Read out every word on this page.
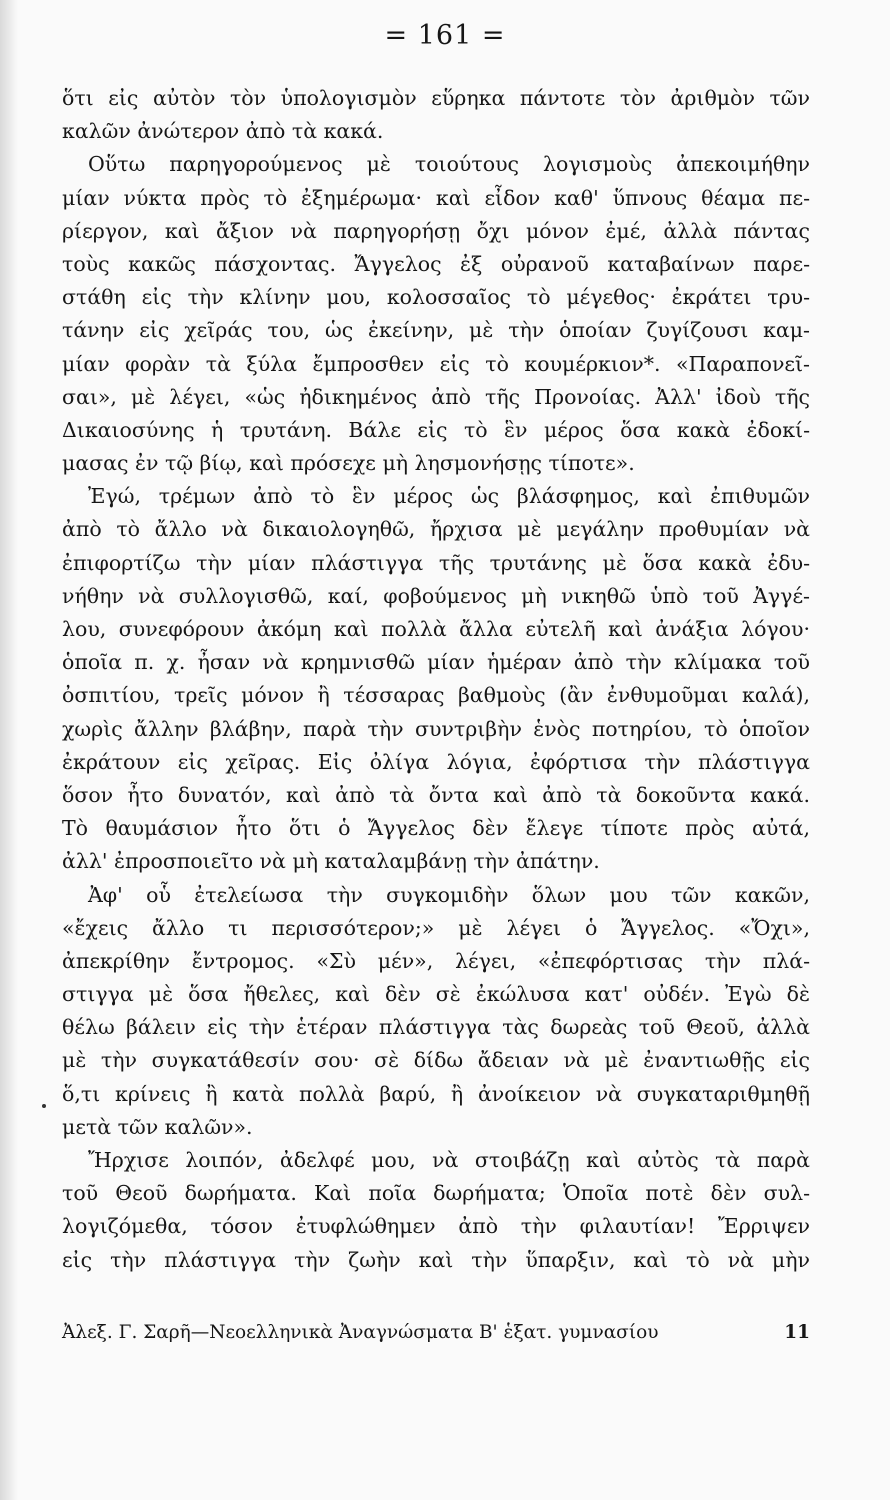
= 161 =
ὅτι εἰς αὐτὸν τὸν ὑπολογισμὸν εὕρηκα πάντοτε τὸν ἀριθμὸν τῶν
καλῶν ἀνώτερον ἀπὸ τὰ κακά.
Οὕτω παρηγορούμενος μὲ τοιούτους λογισμοὺς ἀπεκοιμήθην
μίαν νύκτα πρὸς τὸ ἐξημέρωμα· καὶ εἶδον καθ' ὕπνους θέαμα πε-
ρίεργον, καὶ ἄξιον νὰ παρηγορήσῃ ὄχι μόνον ἐμέ, ἀλλὰ πάντας
τοὺς κακῶς πάσχοντας. Ἄγγελος ἐξ οὐρανοῦ καταβαίνων παρε-
στάθη εἰς τὴν κλίνην μου, κολοσσαῖος τὸ μέγεθος· ἐκράτει τρυ-
τάνην εἰς χεῖράς του, ὡς ἐκείνην, μὲ τὴν ὁποίαν ζυγίζουσι καμ-
μίαν φορὰν τὰ ξύλα ἔμπροσθεν εἰς τὸ κουμέρκιον*. «Παραπονεῖ-
σαι», μὲ λέγει, «ὡς ἠδικημένος ἀπὸ τῆς Προνοίας. Ἀλλ' ἰδοὺ τῆς
Δικαιοσύνης ἡ τρυτάνη. Βάλε εἰς τὸ ἓν μέρος ὅσα κακὰ ἐδοκί-
μασας ἐν τῷ βίῳ, καὶ πρόσεχε μὴ λησμονήσῃς τίποτε».
Ἐγώ, τρέμων ἀπὸ τὸ ἓν μέρος ὡς βλάσφημος, καὶ ἐπιθυμῶν
ἀπὸ τὸ ἄλλο νὰ δικαιολογηθῶ, ἤρχισα μὲ μεγάλην προθυμίαν νὰ
ἐπιφορτίζω τὴν μίαν πλάστιγγα τῆς τρυτάνης μὲ ὅσα κακὰ ἐδυ-
νήθην νὰ συλλογισθῶ, καί, φοβούμενος μὴ νικηθῶ ὑπὸ τοῦ Ἀγγέ-
λου, συνεφόρουν ἀκόμη καὶ πολλὰ ἄλλα εὐτελῆ καὶ ἀνάξια λόγου·
ὁποῖα π. χ. ἦσαν νὰ κρημνισθῶ μίαν ἡμέραν ἀπὸ τὴν κλίμακα τοῦ
ὀσπιτίου, τρεῖς μόνον ἢ τέσσαρας βαθμοὺς (ἂν ἐνθυμοῦμαι καλά),
χωρὶς ἄλλην βλάβην, παρὰ τὴν συντριβὴν ἑνὸς ποτηρίου, τὸ ὁποῖον
ἐκράτουν εἰς χεῖρας. Εἰς ὀλίγα λόγια, ἐφόρτισα τὴν πλάστιγγα
ὅσον ἦτο δυνατόν, καὶ ἀπὸ τὰ ὄντα καὶ ἀπὸ τὰ δοκοῦντα κακά.
Τὸ θαυμάσιον ἦτο ὅτι ὁ Ἄγγελος δὲν ἔλεγε τίποτε πρὸς αὐτά,
ἀλλ' ἐπροσποιεῖτο νὰ μὴ καταλαμβάνῃ τὴν ἀπάτην.
Ἀφ' οὗ ἐτελείωσα τὴν συγκομιδὴν ὅλων μου τῶν κακῶν,
«ἔχεις ἄλλο τι περισσότερον;» μὲ λέγει ὁ Ἄγγελος. «Ὄχι»,
ἀπεκρίθην ἔντρομος. «Σὺ μέν», λέγει, «ἐπεφόρτισας τὴν πλά-
στιγγα μὲ ὅσα ἤθελες, καὶ δὲν σὲ ἐκώλυσα κατ' οὐδέν. Ἐγὼ δὲ
θέλω βάλειν εἰς τὴν ἑτέραν πλάστιγγα τὰς δωρεὰς τοῦ Θεοῦ, ἀλλὰ
μὲ τὴν συγκατάθεσίν σου· σὲ δίδω ἄδειαν νὰ μὲ ἐναντιωθῇς εἰς
ὅ,τι κρίνεις ἢ κατὰ πολλὰ βαρύ, ἢ ἀνοίκειον νὰ συγκαταριθμηθῇ
μετὰ τῶν καλῶν».
Ἤρχισε λοιπόν, ἀδελφέ μου, νὰ στοιβάζῃ καὶ αὐτὸς τὰ παρὰ
τοῦ Θεοῦ δωρήματα. Καὶ ποῖα δωρήματα; Ὁποῖα ποτὲ δὲν συλ-
λογιζόμεθα, τόσον ἐτυφλώθημεν ἀπὸ τὴν φιλαυτίαν! Ἔρριψεν
εἰς τὴν πλάστιγγα τὴν ζωὴν καὶ τὴν ὕπαρξιν, καὶ τὸ νὰ μὴν
Ἀλεξ. Γ. Σαρῆ—Νεοελληνικὰ Ἀναγνώσματα Β' ἑξατ. γυμνασίου	11
